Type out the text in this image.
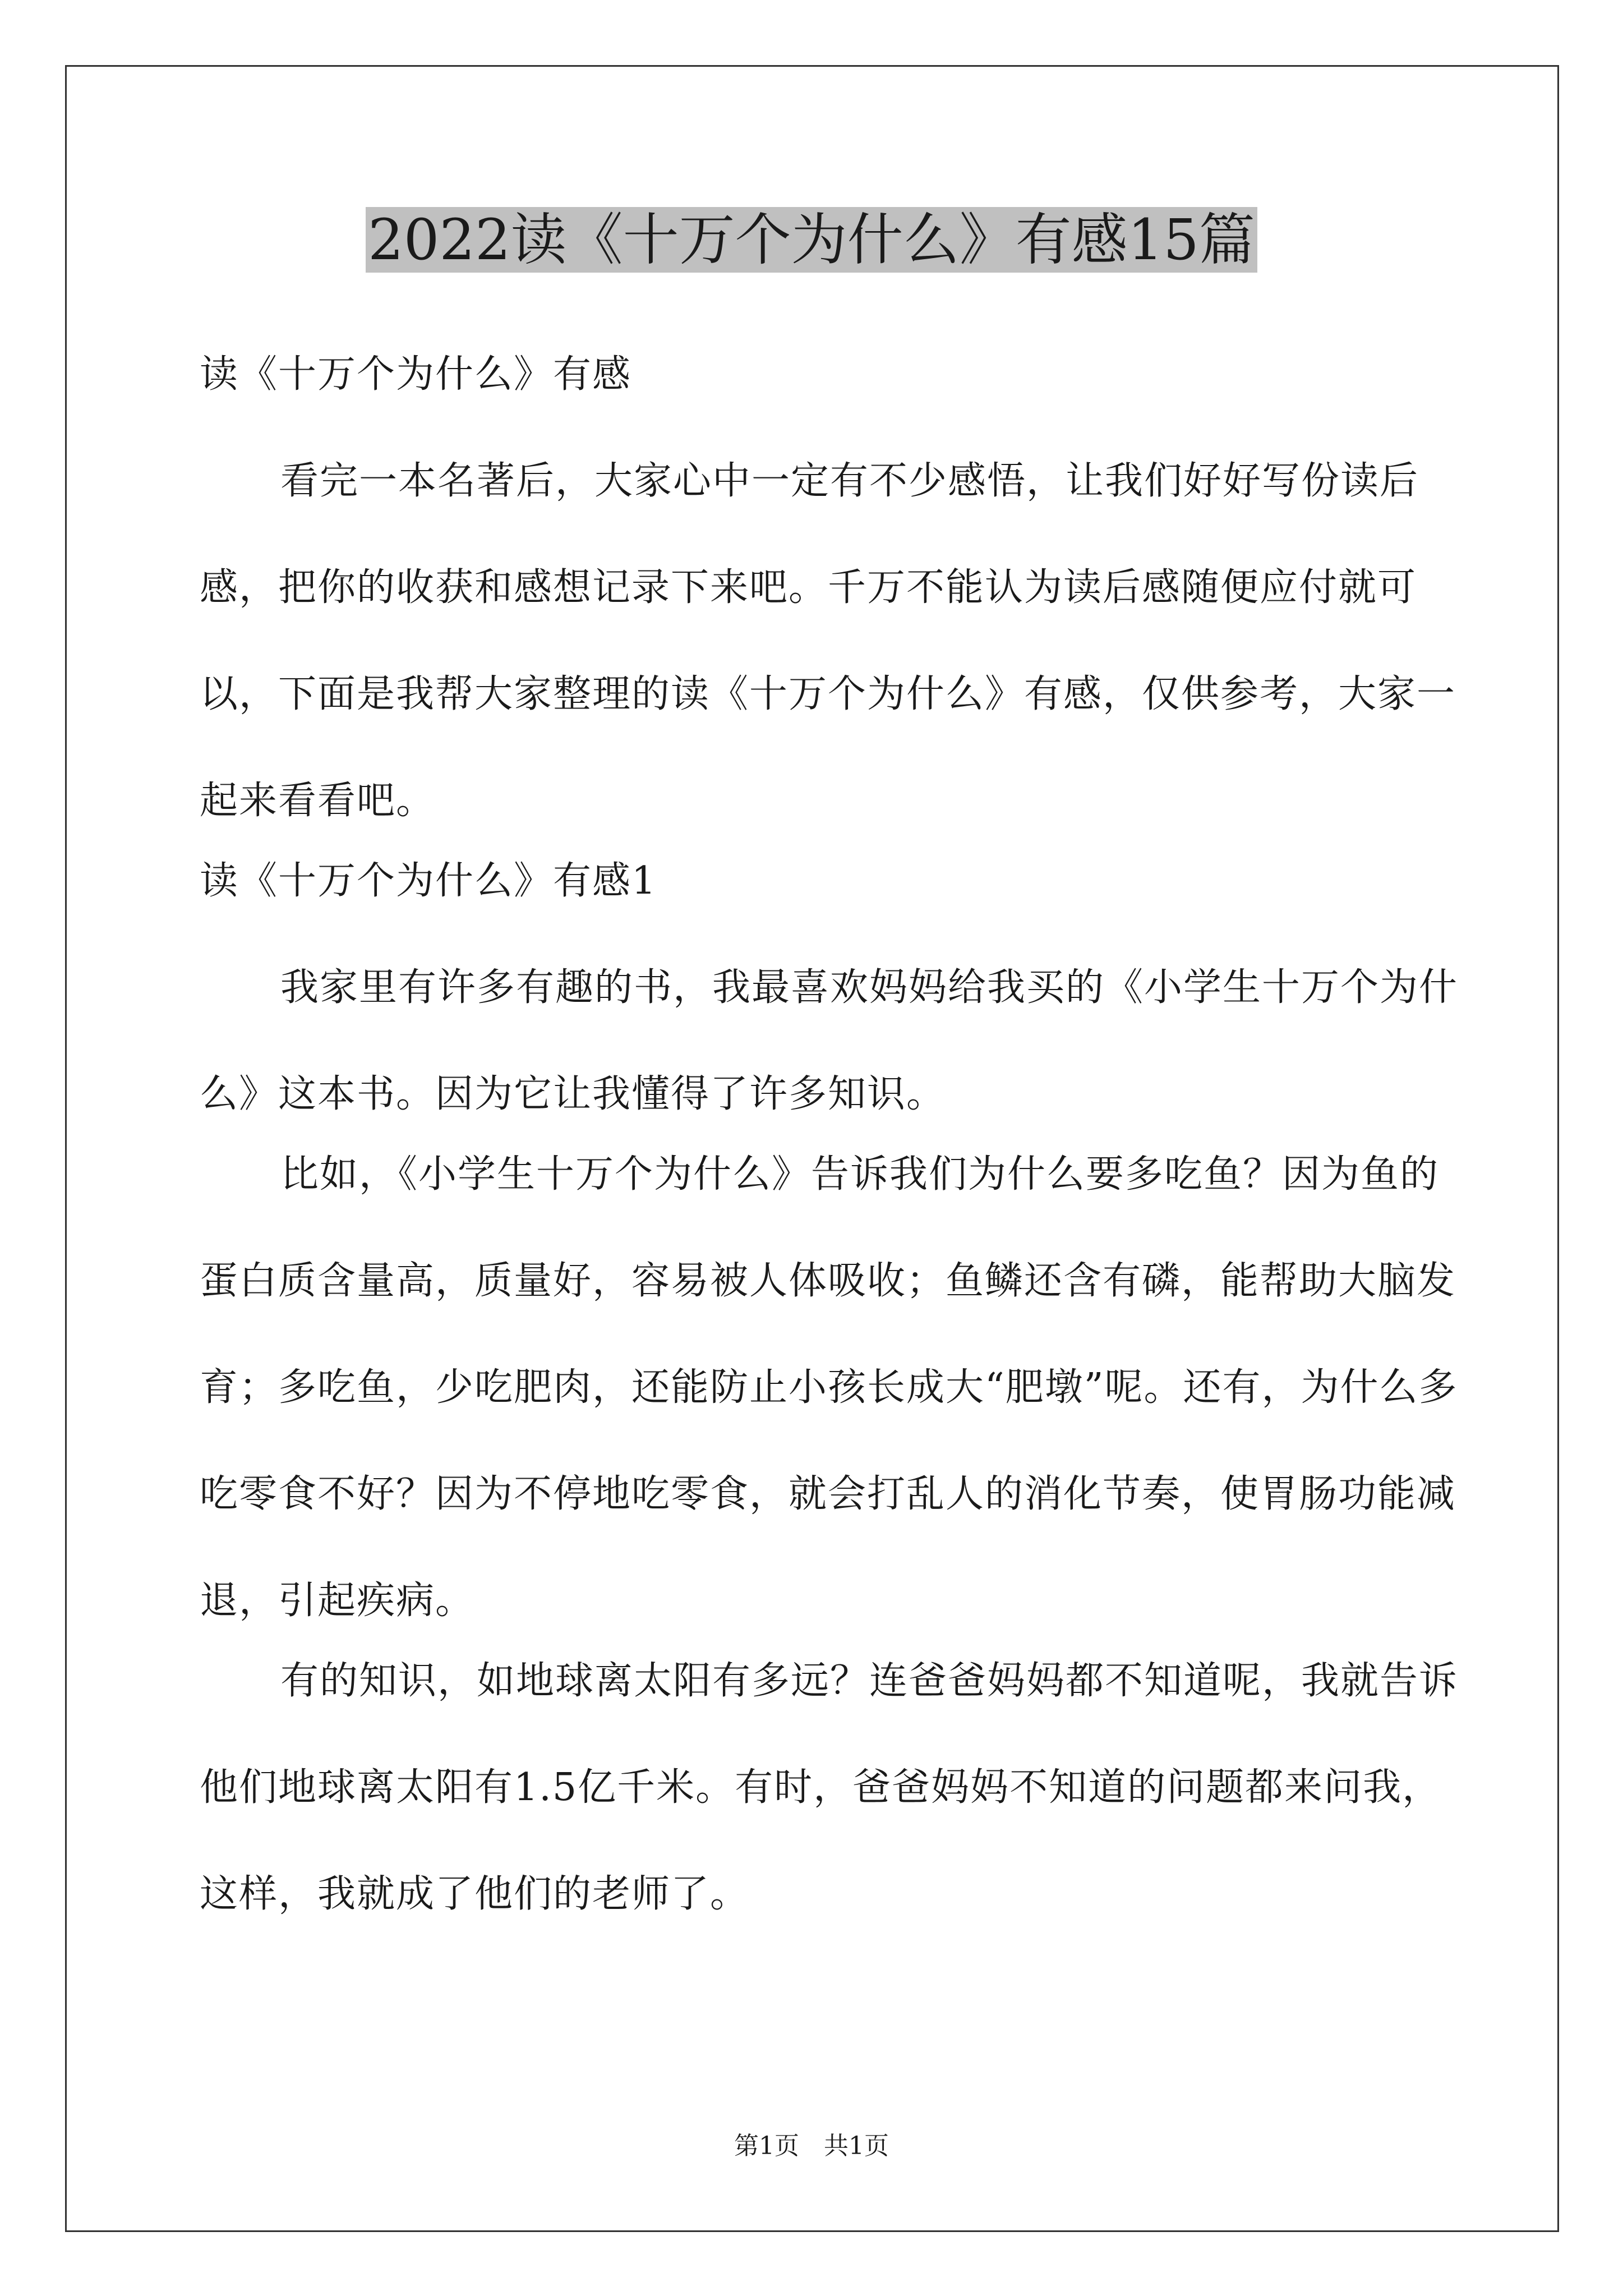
2022读《十万个为什么》有感15篇

读《十万个为什么》有感

看完一本名著后，大家心中一定有不少感悟，让我们好好写份读后感，把你的收获和感想记录下来吧。千万不能认为读后感随便应付就可以，下面是我帮大家整理的读《十万个为什么》有感，仅供参考，大家一起来看看吧。

读《十万个为什么》有感1

我家里有许多有趣的书，我最喜欢妈妈给我买的《小学生十万个为什么》这本书。因为它让我懂得了许多知识。

比如，《小学生十万个为什么》告诉我们为什么要多吃鱼？因为鱼的蛋白质含量高，质量好，容易被人体吸收；鱼鳞还含有磷，能帮助大脑发育；多吃鱼，少吃肥肉，还能防止小孩长成大“肥墩”呢。还有，为什么多吃零食不好？因为不停地吃零食，就会打乱人的消化节奏，使胃肠功能减退，引起疾病。

有的知识，如地球离太阳有多远？连爸爸妈妈都不知道呢，我就告诉他们地球离太阳有1.5亿千米。有时，爸爸妈妈不知道的问题都来问我，这样，我就成了他们的老师了。

第1页　共1页
